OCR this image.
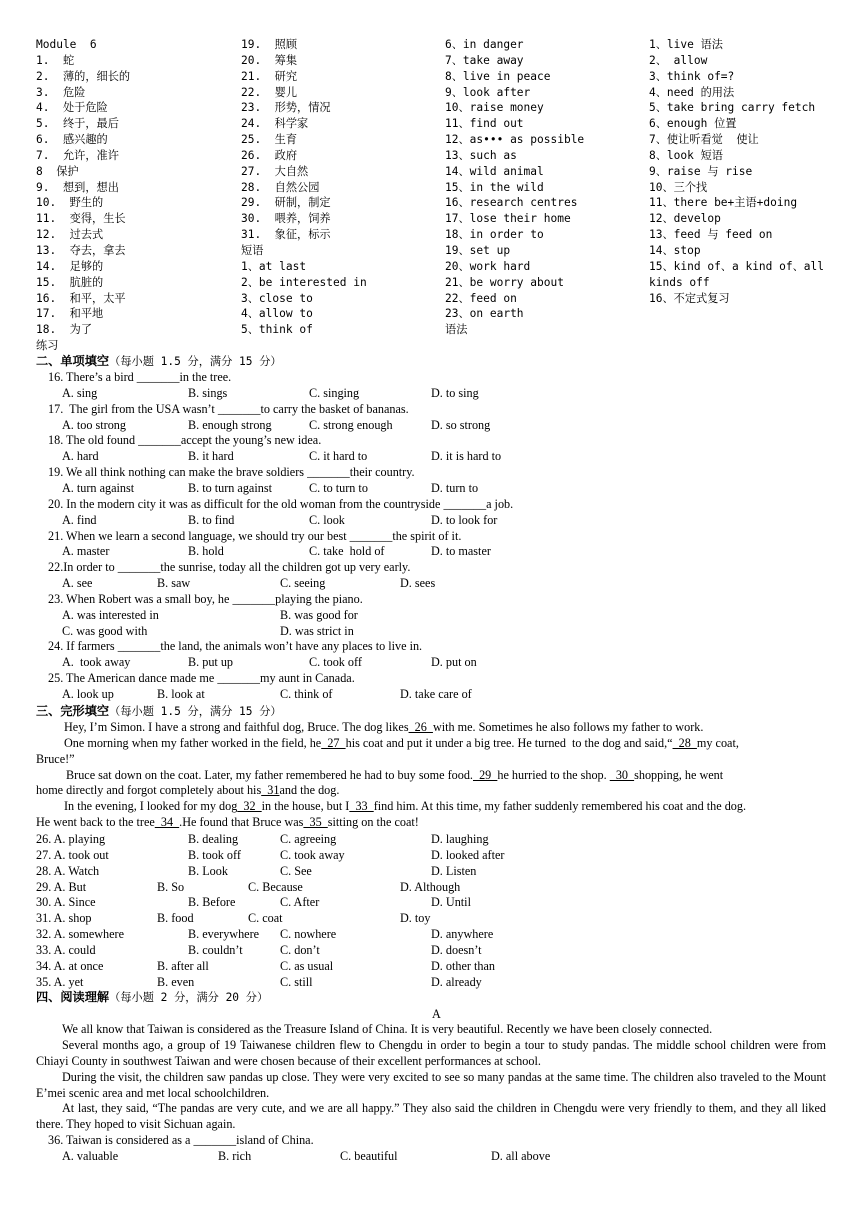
Module  6
1.  蛇
2.  薄的，细长的
3.  危险
4.  处于危险
5.  终于，最后
6.  感兴趣的
7.  允许，准许
8  保护
9.  想到，想出
10.  野生的
11.  变得，生长
12.  过去式
13.  夺去，拿去
14.  足够的
15.  肮脏的
16.  和平，太平
17.  和平地
18.  为了
19.  照顾
20.  筹集
21.  研究
22.  婴儿
23.  形势，情况
24.  科学家
25.  生育
26.  政府
27.  大自然
28.  自然公园
29.  研制，制定
30.  喂养，饲养
31.  象征，标示
短语
1、at last
2、be interested in
3、close to
4、allow to
5、think of
6、in danger
7、take away
8、live in peace
9、look after
10、raise money
11、find out
12、as••• as possible
13、such as
14、wild animal
15、in the wild
16、research centres
17、lose their home
18、in order to
19、set up
20、work hard
21、be worry about
22、feed on
23、on earth
语法
1、live 语法
2、 allow
3、think of=?
4、need 的用法
5、take bring carry fetch
6、enough 位置
7、使让听看觉  使让
8、look 短语
9、raise 与 rise
10、三个找
11、there be+主语+doing
12、develop
13、feed 与 feed on
14、stop
15、kind of、a kind of、all
kinds off
16、不定式复习
练习
二、单项填空（每小题 1.5 分，满分 15 分）
16. There’s a bird _______in the tree.
A. sing	B. sings	C. singing	D. to sing
17.  The girl from the USA wasn’t _______to carry the basket of bananas.
A. too strong	B. enough strong	C. strong enough	D. so strong
18. The old found _______accept the young’s new idea.
A. hard	B. it hard	C. it hard to	D. it is hard to
19. We all think nothing can make the brave soldiers _______their country.
A. turn against	B. to turn against	C. to turn to	D. turn to
20. In the modern city it was as difficult for the old woman from the countryside _______a job.
A. find	B. to find	C. look	D. to look for
21. When we learn a second language, we should try our best _______the spirit of it.
A. master	B. hold	C. take  hold of	D. to master
22.In order to _______the sunrise, today all the children got up very early.
A. see	B. saw	C. seeing	D. sees
23. When Robert was a small boy, he _______playing the piano.
A. was interested in	B. was good for
C. was good with	D. was strict in
24. If farmers _______the land, the animals won’t have any places to live in.
A.  took away	B. put up	C. took off	D. put on
25. The American dance made me _______my aunt in Canada.
A. look up	B. look at	C. think of	D. take care of
三、完形填空（每小题 1.5 分，满分 15 分）
Hey, I’m Simon. I have a strong and faithful dog, Bruce. The dog likes  26  with me. Sometimes he also follows my father to work.
One morning when my father worked in the field, he  27  his coat and put it under a big tree. He turned  to the dog and said,“  28  my coat,
Bruce!”
Bruce sat down on the coat. Later, my father remembered he had to buy some food.  29  he hurried to the shop.   30  shopping, he went
home directly and forgot completely about his  31and the dog.
In the evening, I looked for my dog  32  in the house, but I  33  find him. At this time, my father suddenly remembered his coat and the dog.
He went back to the tree  34  .He found that Bruce was  35  sitting on the coat!
26. A. playing	B. dealing	C. agreeing	D. laughing
27. A. took out	B. took off	C. took away	D. looked after
28. A. Watch	B. Look	C. See	D. Listen
29. A. But	B. So	C. Because	D. Although
30. A. Since	B. Before	C. After	D. Until
31. A. shop	B. food	C. coat	D. toy
32. A. somewhere	B. everywhere C. nowhere	D. anywhere
33. A. could	B. couldn’t	C. don’t	D. doesn’t
34. A. at once	B. after all	C. as usual	D. other than
35. A. yet	B. even	C. still	D. already
四、阅读理解（每小题 2 分，满分 20 分）
A
We all know that Taiwan is considered as the Treasure Island of China. It is very beautiful. Recently we have been closely connected.
Several months ago, a group of 19 Taiwanese children flew to Chengdu in order to begin a tour to study pandas. The middle school children were from Chiayi County in southwest Taiwan and were chosen because of their excellent performances at school.
During the visit, the children saw pandas up close. They were very excited to see so many pandas at the same time. The children also traveled to the Mount E’mei scenic area and met local schoolchildren.
At last, they said, “The pandas are very cute, and we are all happy.” They also said the children in Chengdu were very friendly to them, and they all liked there. They hoped to visit Sichuan again.
36. Taiwan is considered as a _______island of China.
A. valuable	B. rich	C. beautiful	D. all above
